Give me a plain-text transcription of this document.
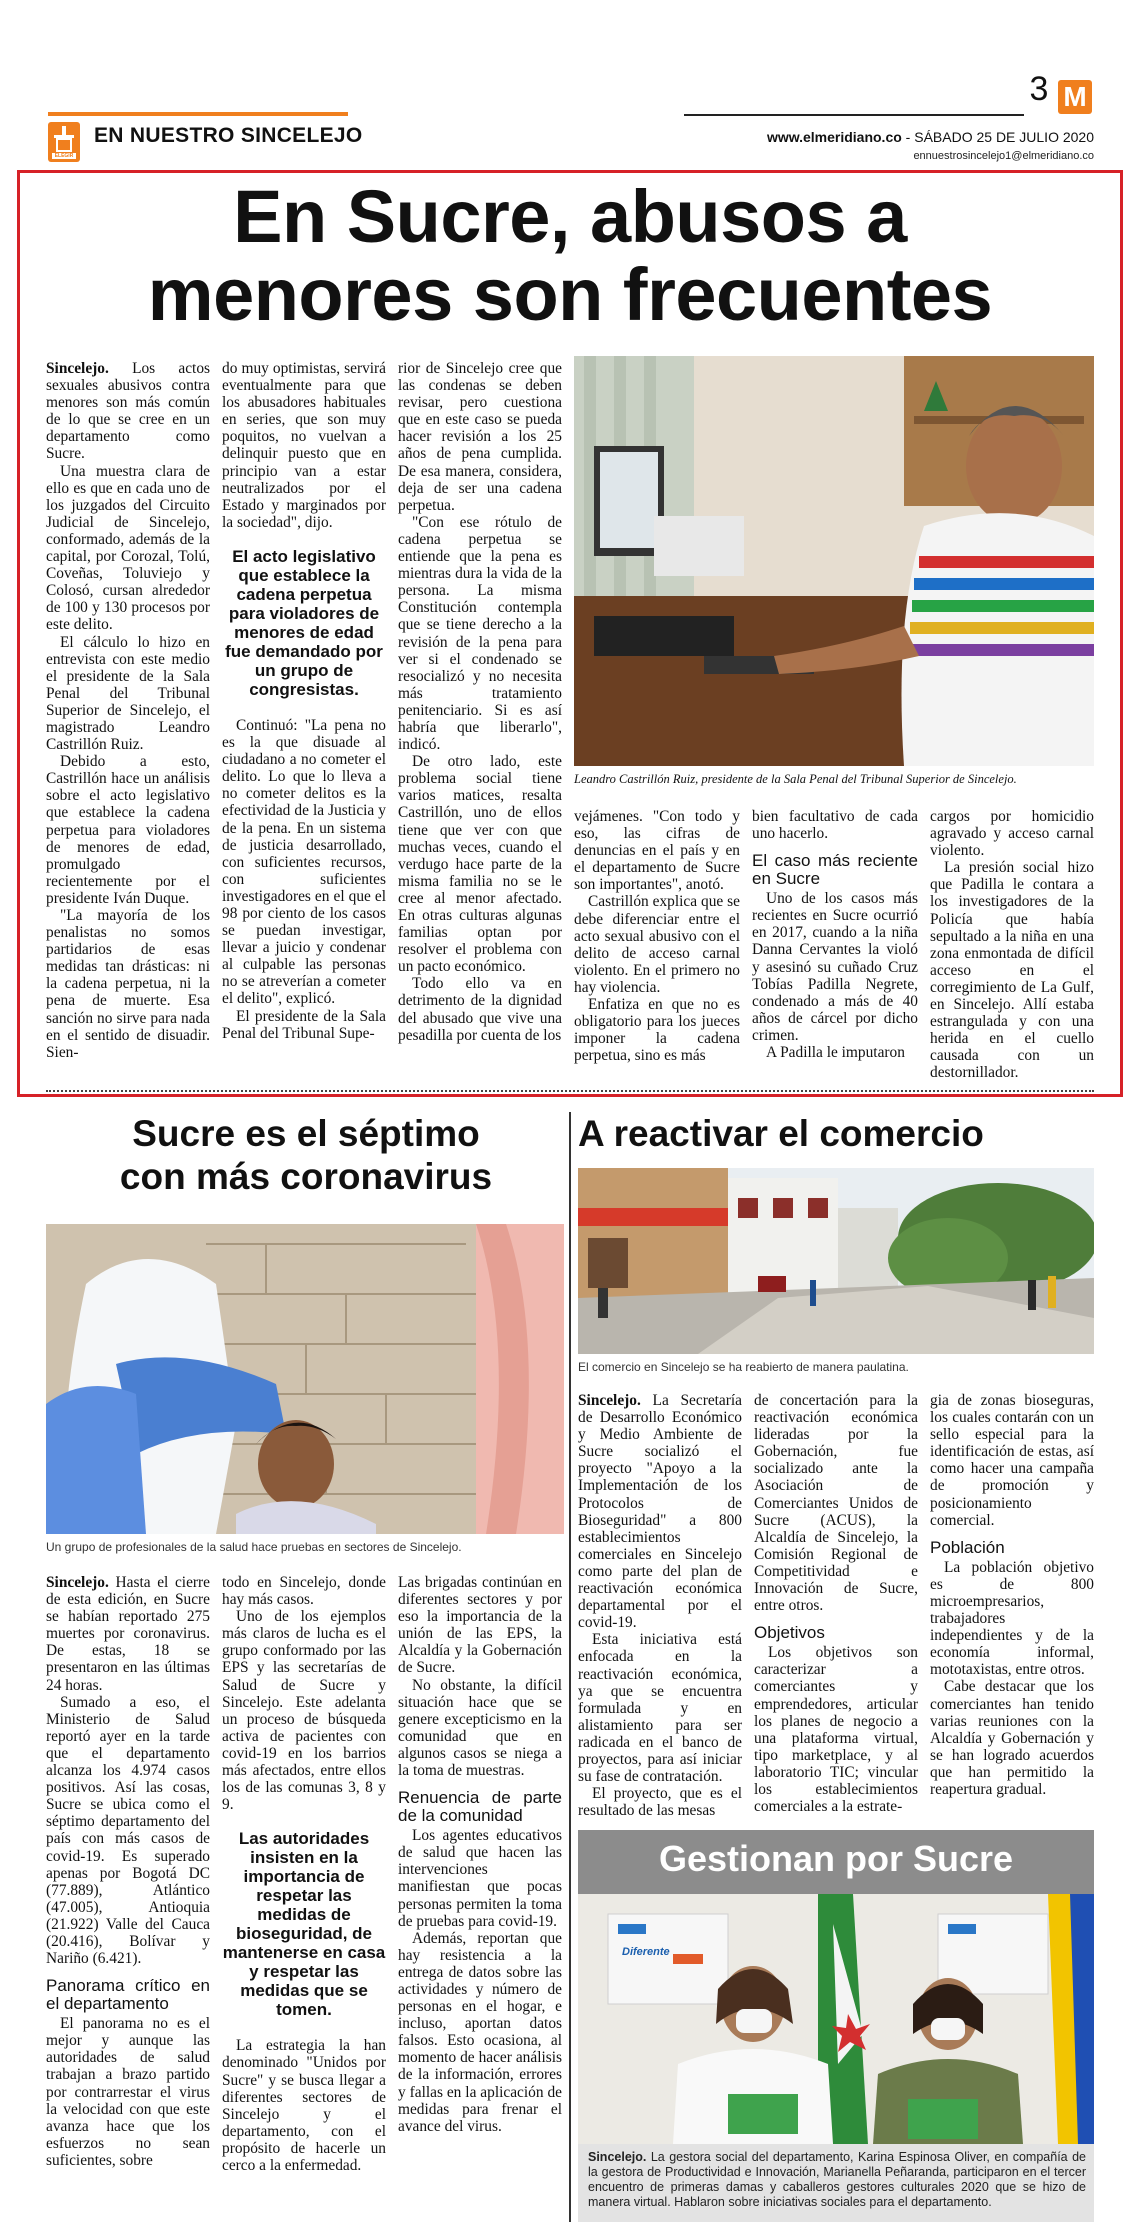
ELEGIR
EN NUESTRO SINCELEJO
3 M
www.elmeridiano.co - SÁBADO 25 DE JULIO 2020
ennuestrosincelejo1@elmeridiano.co
En Sucre, abusos a
menores son frecuentes

Sincelejo. Los actos sexuales abusivos contra menores son más común de lo que se cree en un departamento como Sucre.

Una muestra clara de ello es que en cada uno de los juzgados del Circuito Judicial de Sincelejo, conformado, además de la capital, por Corozal, Tolú, Coveñas, Toluviejo y Colosó, cursan alrededor de 100 y 130 procesos por este delito.

El cálculo lo hizo en entrevista con este medio el presidente de la Sala Penal del Tribunal Superior de Sincelejo, el magistrado Leandro Castrillón Ruiz.

Debido a esto, Castrillón hace un análisis sobre el acto legislativo que establece la cadena perpetua para violadores de menores de edad, promulgado recientemente por el presidente Iván Duque.

"La mayoría de los penalistas no somos partidarios de esas medidas tan drásticas: ni la cadena perpetua, ni la pena de muerte. Esa sanción no sirve para nada en el sentido de disuadir. Sien-

do muy optimistas, servirá eventualmente para que los abusadores habituales en series, que son muy poquitos, no vuelvan a delinquir puesto que en principio van a estar neutralizados por el Estado y marginados por la sociedad", dijo.

El acto legislativo que establece la cadena perpetua para violadores de menores de edad fue demandado por un grupo de congresistas.

Continuó: "La pena no es la que disuade al ciudadano a no cometer el delito. Lo que lo lleva a no cometer delitos es la efectividad de la Justicia y de la pena. En un sistema de justicia desarrollado, con suficientes recursos, con suficientes investigadores en el que el 98 por ciento de los casos se puedan investigar, llevar a juicio y condenar al culpable las personas no se atreverían a cometer el delito", explicó.

El presidente de la Sala Penal del Tribunal Supe-

rior de Sincelejo cree que las condenas se deben revisar, pero cuestiona que en este caso se pueda hacer revisión a los 25 años de pena cumplida. De esa manera, considera, deja de ser una cadena perpetua.

"Con ese rótulo de cadena perpetua se entiende que la pena es mientras dura la vida de la persona. La misma Constitución contempla que se tiene derecho a la revisión de la pena para ver si el condenado se resocializó y no necesita más tratamiento penitenciario. Si es así habría que liberarlo", indicó.

De otro lado, este problema social tiene varios matices, resalta Castrillón, uno de ellos tiene que ver con que muchas veces, cuando el verdugo hace parte de la misma familia no se le cree al menor afectado. En otras culturas algunas familias optan por resolver el problema con un pacto económico.

Todo ello va en detrimento de la dignidad del abusado que vive una pesadilla por cuenta de los

Leandro Castrillón Ruiz, presidente de la Sala Penal del Tribunal Superior de Sincelejo.

vejámenes. "Con todo y eso, las cifras de denuncias en el país y en el departamento de Sucre son importantes", anotó.

Castrillón explica que se debe diferenciar entre el acto sexual abusivo con el delito de acceso carnal violento. En el primero no hay violencia.

Enfatiza en que no es obligatorio para los jueces imponer la cadena perpetua, sino es más

bien facultativo de cada uno hacerlo.

El caso más reciente en Sucre

Uno de los casos más recientes en Sucre ocurrió en 2017, cuando a la niña Danna Cervantes la violó y asesinó su cuñado Cruz Tobías Padilla Negrete, condenado a más de 40 años de cárcel por dicho crimen.

A Padilla le imputaron

cargos por homicidio agravado y acceso carnal violento.

La presión social hizo que Padilla le contara a los investigadores de la Policía que había sepultado a la niña en una zona enmontada de difícil acceso en el corregimiento de La Gulf, en Sincelejo. Allí estaba estrangulada y con una herida en el cuello causada con un destornillador.

Sucre es el séptimo
con más coronavirus
Un grupo de profesionales de la salud hace pruebas en sectores de Sincelejo.

Sincelejo. Hasta el cierre de esta edición, en Sucre se habían reportado 275 muertes por coronavirus. De estas, 18 se presentaron en las últimas 24 horas.

Sumado a eso, el Ministerio de Salud reportó ayer en la tarde que el departamento alcanza los 4.974 casos positivos. Así las cosas, Sucre se ubica como el séptimo departamento del país con más casos de covid-19. Es superado apenas por Bogotá DC (77.889), Atlántico (47.005), Antioquia (21.922) Valle del Cauca (20.416), Bolívar y Nariño (6.421).

Panorama crítico en el departamento

El panorama no es el mejor y aunque las autoridades de salud trabajan a brazo partido por contrarrestar el virus la velocidad con que este avanza hace que los esfuerzos no sean suficientes, sobre

todo en Sincelejo, donde hay más casos.

Uno de los ejemplos más claros de lucha es el grupo conformado por las EPS y las secretarías de Salud de Sucre y Sincelejo. Este adelanta un proceso de búsqueda activa de pacientes con covid-19 en los barrios más afectados, entre ellos los de las comunas 3, 8 y 9.

Las autoridades insisten en la importancia de respetar las medidas de bioseguridad, de mantenerse en casa y respetar las medidas que se tomen.

La estrategia la han denominado "Unidos por Sucre" y se busca llegar a diferentes sectores de Sincelejo y el departamento, con el propósito de hacerle un cerco a la enfermedad.

Las brigadas continúan en diferentes sectores y por eso la importancia de la unión de las EPS, la Alcaldía y la Gobernación de Sucre.

No obstante, la difícil situación hace que se genere excepticismo en la comunidad que en algunos casos se niega a la toma de muestras.

Renuencia de parte de la comunidad

Los agentes educativos de salud que hacen las intervenciones manifiestan que pocas personas permiten la toma de pruebas para covid-19.

Además, reportan que hay resistencia a la entrega de datos sobre las actividades y número de personas en el hogar, e incluso, aportan datos falsos. Esto ocasiona, al momento de hacer análisis de la información, errores y fallas en la aplicación de medidas para frenar el avance del virus.

A reactivar el comercio
El comercio en Sincelejo se ha reabierto de manera paulatina.

Sincelejo. La Secretaría de Desarrollo Económico y Medio Ambiente de Sucre socializó el proyecto "Apoyo a la Implementación de los Protocolos de Bioseguridad" a 800 establecimientos comerciales en Sincelejo como parte del plan de reactivación económica departamental por el covid-19.

Esta iniciativa está enfocada en la reactivación económica, ya que se encuentra formulada y en alistamiento para ser radicada en el banco de proyectos, para así iniciar su fase de contratación.

El proyecto, que es el resultado de las mesas

de concertación para la reactivación económica lideradas por la Gobernación, fue socializado ante la Asociación de Comerciantes Unidos de Sucre (ACUS), la Alcaldía de Sincelejo, la Comisión Regional de Competitividad e Innovación de Sucre, entre otros.

Objetivos

Los objetivos son caracterizar a comerciantes y emprendedores, articular los planes de negocio a una plataforma virtual, tipo marketplace, y al laboratorio TIC; vincular los establecimientos comerciales a la estrate-

gia de zonas bioseguras, los cuales contarán con un sello especial para la identificación de estas, así como hacer una campaña de promoción y posicionamiento comercial.

Población

La población objetivo es de 800 microempresarios, trabajadores independientes y de la economía informal, mototaxistas, entre otros.

Cabe destacar que los comerciantes han tenido varias reuniones con la Alcaldía y Gobernación y se han logrado acuerdos que han permitido la reapertura gradual.

Gestionan por Sucre
Diferente
Sincelejo. La gestora social del departamento, Karina Espinosa Oliver, en compañía de la gestora de Productividad e Innovación, Marianella Peñaranda, participaron en el tercer encuentro de primeras damas y caballeros gestores culturales 2020 que se hizo de manera virtual. Hablaron sobre iniciativas sociales para el departamento.
